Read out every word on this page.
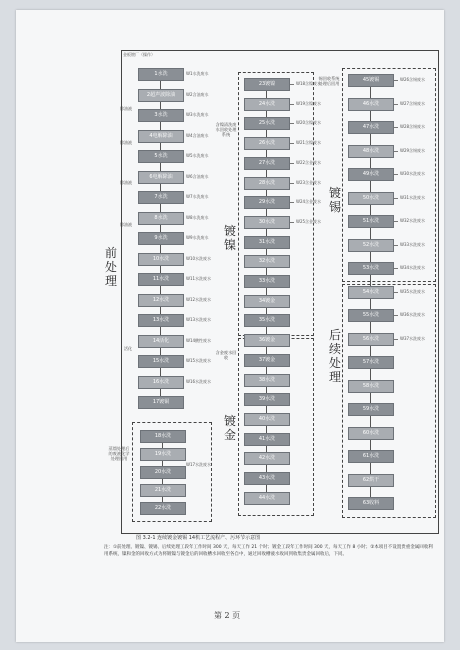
金板镀厂（操作）
前处理
蒸馏处理后的废液化学处理回用
含镍清洗废水回收处理系统
含金废水回收
镀镍
镀金
锡回收系统处理后回用
镀锡
后续处理
图 3.2-1 连续镀金镀锡 14机工艺流程产、污环节示意图
注：①前处理、镀镍、镀锡、后续处理工段年工作时间 300 天，每天工作 21 个时；镀金工段年工作时间 300 天，每天工作 8 小时；②本项目不设置贵重金属回收利用系统，镍和金的回收方式为将镀镍与镀金后的回收槽水回收至各自中，通过回收槽液水收回到收集贵金属回收后，下同。
第 2 页
1水洗	W1水洗废水
2超声波除油	W2含油废水
3水洗	W3水洗废水
4电解除油	W4含油废水
5水洗	W5水洗废水
6电解除油	W6含油废水
7水洗	W7水洗废水
8水洗	W8水洗废水
9水洗	W9水洗废水
10水洗	W10水洗废水
11水洗	W11水洗废水
12水洗	W12水洗废水
13水洗	W13水洗废水
14活化	W14酸性废水
15水洗	W15水洗废水
16水洗	W16水洗废水
17镀铜
18水洗
19水洗
20水洗
21水洗
22水洗
W17水洗废水
除油液
除油液
除油液
除油液
活化
23镀镍	W18含镍废水
24水洗	W19含镍废水
25水洗	W20含镍废水
26水洗	W21含镍废水
27水洗	W22含金废水
28水洗	W23含金废水
29水洗	W24含金废水
30水洗	W25含金废水
31水洗
32水洗
33水洗
34镀金
35水洗
36镀金
37镀金
38水洗
39水洗
40水洗
41水洗
42水洗
43水洗
44水洗
45镀锡	W26含锡废水
46水洗	W27含锡废水
47水洗	W28含锡废水
48水洗	W29含锡废水
49水洗	W30水洗废水
50水洗	W31水洗废水
51水洗	W32水洗废水
52水洗	W33水洗废水
53水洗	W34水洗废水
54水洗	W35水洗废水
55水洗	W36水洗废水
56水洗	W37水洗废水
57水洗
58水洗
59水洗
60水洗
61水洗
62烘干
63收料
